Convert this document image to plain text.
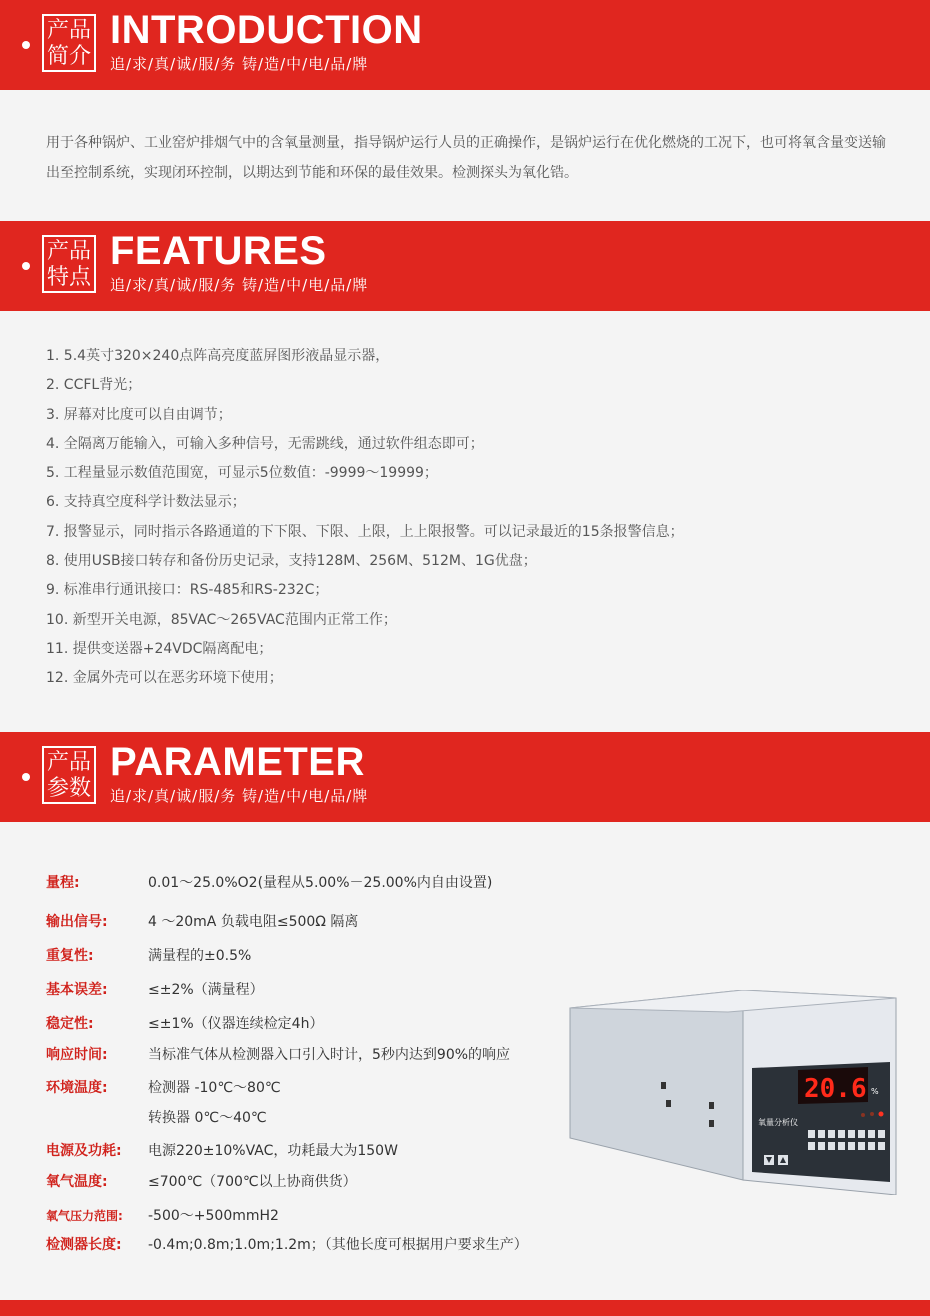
产品
简介
INTRODUCTION
追/求/真/诚/服/务 铸/造/中/电/品/牌
用于各种锅炉、工业窑炉排烟气中的含氧量测量，指导锅炉运行人员的正确操作，是锅炉运行在优化燃烧的工况下，也可将氧含量变送输出至控制系统，实现闭环控制，以期达到节能和环保的最佳效果。检测探头为氧化锆。
产品
特点
FEATURES
追/求/真/诚/服/务 铸/造/中/电/品/牌
1. 5.4英寸320×240点阵高亮度蓝屏图形液晶显示器，
2. CCFL背光；
3. 屏幕对比度可以自由调节；
4. 全隔离万能输入，可输入多种信号，无需跳线，通过软件组态即可；
5. 工程量显示数值范围宽，可显示5位数值：-9999～19999；
6. 支持真空度科学计数法显示；
7. 报警显示，同时指示各路通道的下下限、下限、上限，上上限报警。可以记录最近的15条报警信息；
8. 使用USB接口转存和备份历史记录，支持128M、256M、512M、1G优盘；
9. 标准串行通讯接口：RS-485和RS-232C；
10. 新型开关电源，85VAC～265VAC范围内正常工作；
11. 提供变送器+24VDC隔离配电；
12. 金属外壳可以在恶劣环境下使用；
产品
参数
PARAMETER
追/求/真/诚/服/务 铸/造/中/电/品/牌
量程:	0.01～25.0%O2(量程从5.00%－25.00%内自由设置)
输出信号:	4 ～20mA 负载电阻≤500Ω 隔离
重复性:	满量程的±0.5%
基本误差:	≤±2%（满量程）
稳定性:	≤±1%（仪器连续检定4h）
响应时间:	当标准气体从检测器入口引入时计，5秒内达到90%的响应
环境温度:	检测器 -10℃～80℃
转换器 0℃～40℃
电源及功耗: 电源220±10%VAC，功耗最大为150W
氧气温度:	≤700℃（700℃以上协商供货）
氧气压力范围: -500～+500mmH2
检测器长度: -0.4m;0.8m;1.0m;1.2m；（其他长度可根据用户要求生产）
20.6 %
氧量分析仪
